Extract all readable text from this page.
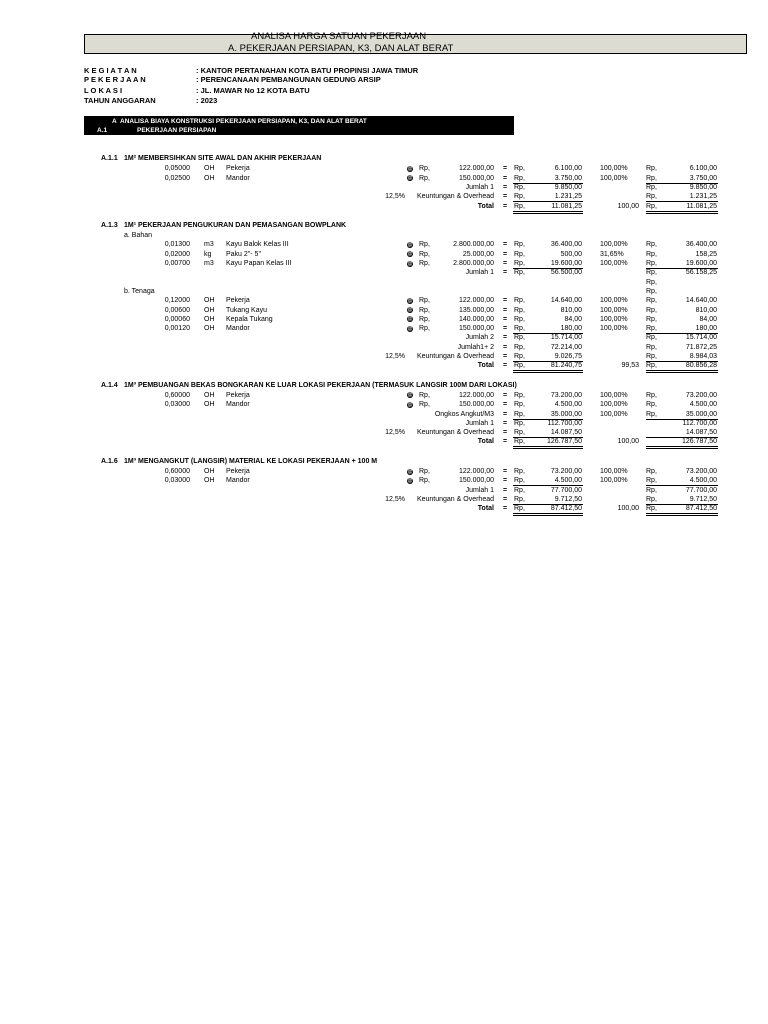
ANALISA HARGA SATUAN PEKERJAAN
A. PEKERJAAN PERSIAPAN, K3, DAN ALAT BERAT
K E G I A T A N	: KANTOR PERTANAHAN KOTA BATU PROPINSI JAWA TIMUR
P E K E R J A A N	: PERENCANAAN PEMBANGUNAN GEDUNG ARSIP
L O K A S I	: JL. MAWAR No 12 KOTA BATU
TAHUN ANGGARAN	: 2023
A ANALISA BIAYA KONSTRUKSI PEKERJAAN PERSIAPAN, K3, DAN ALAT BERAT
A.1	PEKERJAAN PERSIAPAN
A.1.1 1M² MEMBERSIHKAN SITE AWAL DAN AKHIR PEKERJAAN
0,05000 OH Pekerja	@ Rp,	122.000,00 = Rp,	6.100,00	100,00%	Rp,	6.100,00
0,02500 OH Mandor	@ Rp,	150.000,00 = Rp,	3.750,00	100,00%	Rp,	3.750,00
Jumlah 1 = Rp,	9.850,00	Rp,	9.850,00
12,5%	Keuntungan & Overhead = Rp,	1.231,25	Rp,	1.231,25
Total = Rp,	11.081,25	100,00 Rp,	11.081,25
A.1.3 1M¹ PEKERJAAN PENGUKURAN DAN PEMASANGAN BOWPLANK
a. Bahan
0,01300 m3 Kayu Balok Kelas III	@ Rp,	2.800.000,00 = Rp,	36.400,00	100,00%	Rp,	36.400,00
0,02000 kg Paku 2"- 5"	@ Rp,	25.000,00 = Rp,	500,00	31,65%	Rp,	158,25
0,00700 m3 Kayu Papan Kelas III	@ Rp,	2.800.000,00 = Rp,	19.600,00	100,00%	Rp,	19.600,00
Jumlah 1 = Rp,	56.500,00	Rp,	56.158,25
Rp,
b. Tenaga	Rp,
0,12000 OH Pekerja	@ Rp,	122.000,00 = Rp,	14.640,00	100,00%	Rp,	14.640,00
0,00600 OH Tukang Kayu	@ Rp,	135.000,00 = Rp,	810,00	100,00%	Rp,	810,00
0,00060 OH Kepala Tukang	@ Rp,	140.000,00 = Rp,	84,00	100,00%	Rp,	84,00
0,00120 OH Mandor	@ Rp,	150.000,00 = Rp,	180,00	100,00%	Rp,	180,00
Jumlah 2 = Rp,	15.714,00	Rp,	15.714,00
Jumlah1+ 2 = Rp,	72.214,00	Rp,	71.872,25
12,5%	Keuntungan & Overhead = Rp,	9.026,75	Rp,	8.984,03
Total = Rp,	81.240,75	99,53 Rp,	80.856,28
A.1.4 1M³ PEMBUANGAN BEKAS BONGKARAN KE LUAR LOKASI PEKERJAAN (TERMASUK LANGSIR 100M DARI LOKASI)
0,60000 OH Pekerja	@ Rp,	122.000,00 = Rp,	73.200,00	100,00%	Rp,	73.200,00
0,03000 OH Mandor	@ Rp,	150.000,00 = Rp,	4.500,00	100,00%	Rp,	4.500,00
Ongkos Angkut/M3 = Rp,	35.000,00	100,00%	Rp,	35.000,00
Jumlah 1 = Rp,	112.700,00	112.700,00
12,5%	Keuntungan & Overhead = Rp,	14.087,50	14.087,50
Total = Rp,	126.787,50	100,00	126.787,50
A.1.6 1M³ MENGANGKUT (LANGSIR) MATERIAL KE LOKASI PEKERJAAN + 100 M
0,60000 OH Pekerja	@ Rp,	122.000,00 = Rp,	73.200,00	100,00%	Rp,	73.200,00
0,03000 OH Mandor	@ Rp,	150.000,00 = Rp,	4.500,00	100,00%	Rp,	4.500,00
Jumlah 1 = Rp,	77.700,00	Rp,	77.700,00
12,5%	Keuntungan & Overhead = Rp,	9.712,50	Rp,	9.712,50
Total = Rp,	87.412,50	100,00 Rp,	87.412,50
